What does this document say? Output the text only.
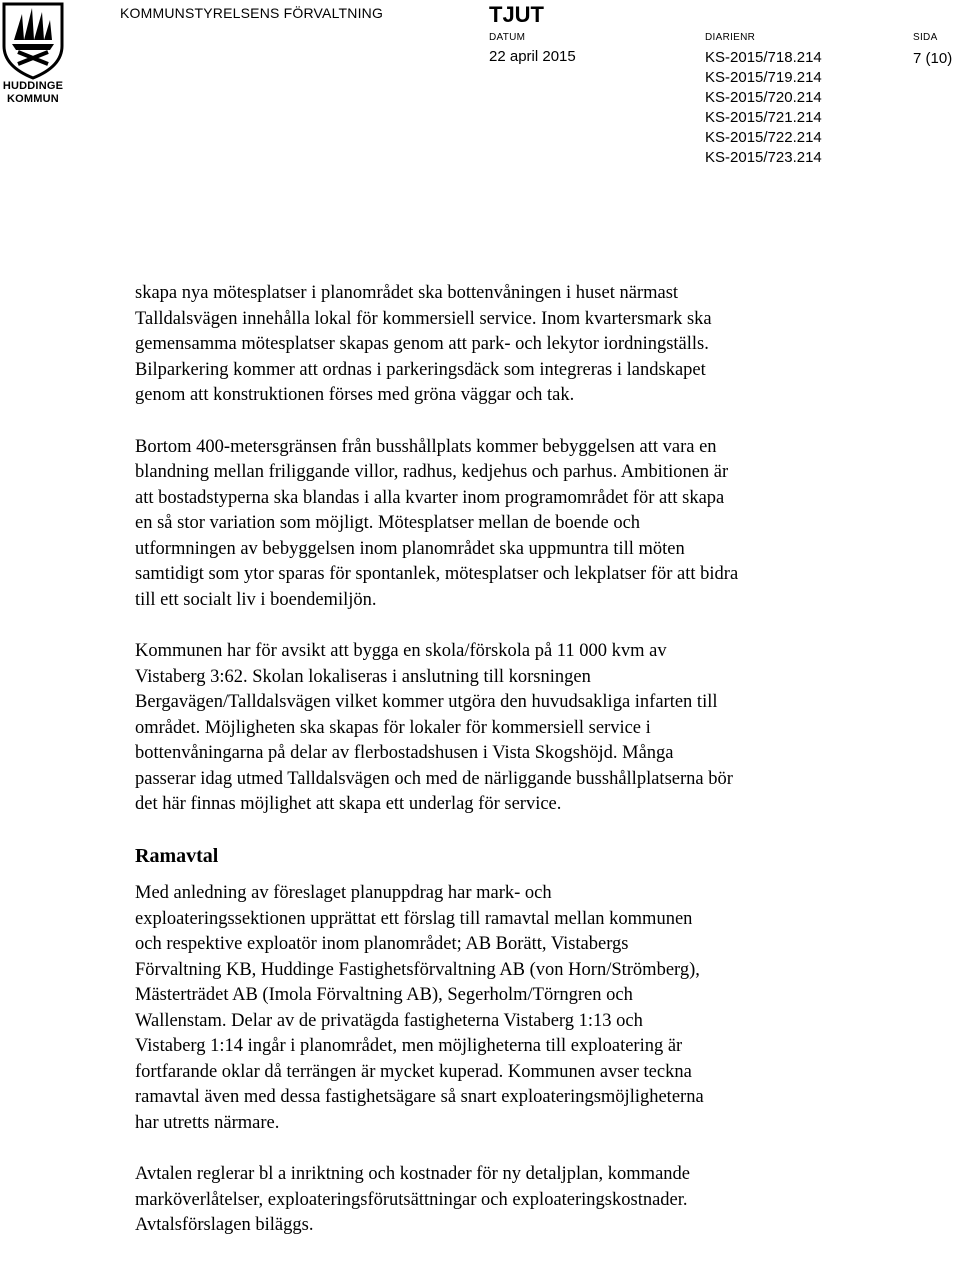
HUDDINGE
KOMMUN
KOMMUNSTYRELSENS FÖRVALTNING	TJUT
DATUM	DIARIENR	SIDA
22 april 2015	KS-2015/718.214
KS-2015/719.214
KS-2015/720.214
KS-2015/721.214
KS-2015/722.214
KS-2015/723.214
7 (10)

skapa nya mötesplatser i planområdet ska bottenvåningen i huset närmast
Talldalsvägen innehålla lokal för kommersiell service. Inom kvartersmark ska
gemensamma mötesplatser skapas genom att park- och lekytor iordningställs.
Bilparkering kommer att ordnas i parkeringsdäck som integreras i landskapet
genom att konstruktionen förses med gröna väggar och tak.

Bortom 400-metersgränsen från busshållplats kommer bebyggelsen att vara en
blandning mellan friliggande villor, radhus, kedjehus och parhus. Ambitionen är
att bostadstyperna ska blandas i alla kvarter inom programområdet för att skapa
en så stor variation som möjligt. Mötesplatser mellan de boende och
utformningen av bebyggelsen inom planområdet ska uppmuntra till möten
samtidigt som ytor sparas för spontanlek, mötesplatser och lekplatser för att bidra
till ett socialt liv i boendemiljön.

Kommunen har för avsikt att bygga en skola/förskola på 11 000 kvm av
Vistaberg 3:62. Skolan lokaliseras i anslutning till korsningen
Bergavägen/Talldalsvägen vilket kommer utgöra den huvudsakliga infarten till
området. Möjligheten ska skapas för lokaler för kommersiell service i
bottenvåningarna på delar av flerbostadshusen i Vista Skogshöjd. Många
passerar idag utmed Talldalsvägen och med de närliggande busshållplatserna bör
det här finnas möjlighet att skapa ett underlag för service.

Ramavtal

Med anledning av föreslaget planuppdrag har mark- och
exploateringssektionen upprättat ett förslag till ramavtal mellan kommunen
och respektive exploatör inom planområdet; AB Borätt, Vistabergs
Förvaltning KB, Huddinge Fastighetsförvaltning AB (von Horn/Strömberg),
Mästerträdet AB (Imola Förvaltning AB), Segerholm/Törngren och
Wallenstam. Delar av de privatägda fastigheterna Vistaberg 1:13 och
Vistaberg 1:14 ingår i planområdet, men möjligheterna till exploatering är
fortfarande oklar då terrängen är mycket kuperad. Kommunen avser teckna
ramavtal även med dessa fastighetsägare så snart exploateringsmöjligheterna
har utretts närmare.

Avtalen reglerar bl a inriktning och kostnader för ny detaljplan, kommande
marköverlåtelser, exploateringsförutsättningar och exploateringskostnader.
Avtalsförslagen biläggs.
